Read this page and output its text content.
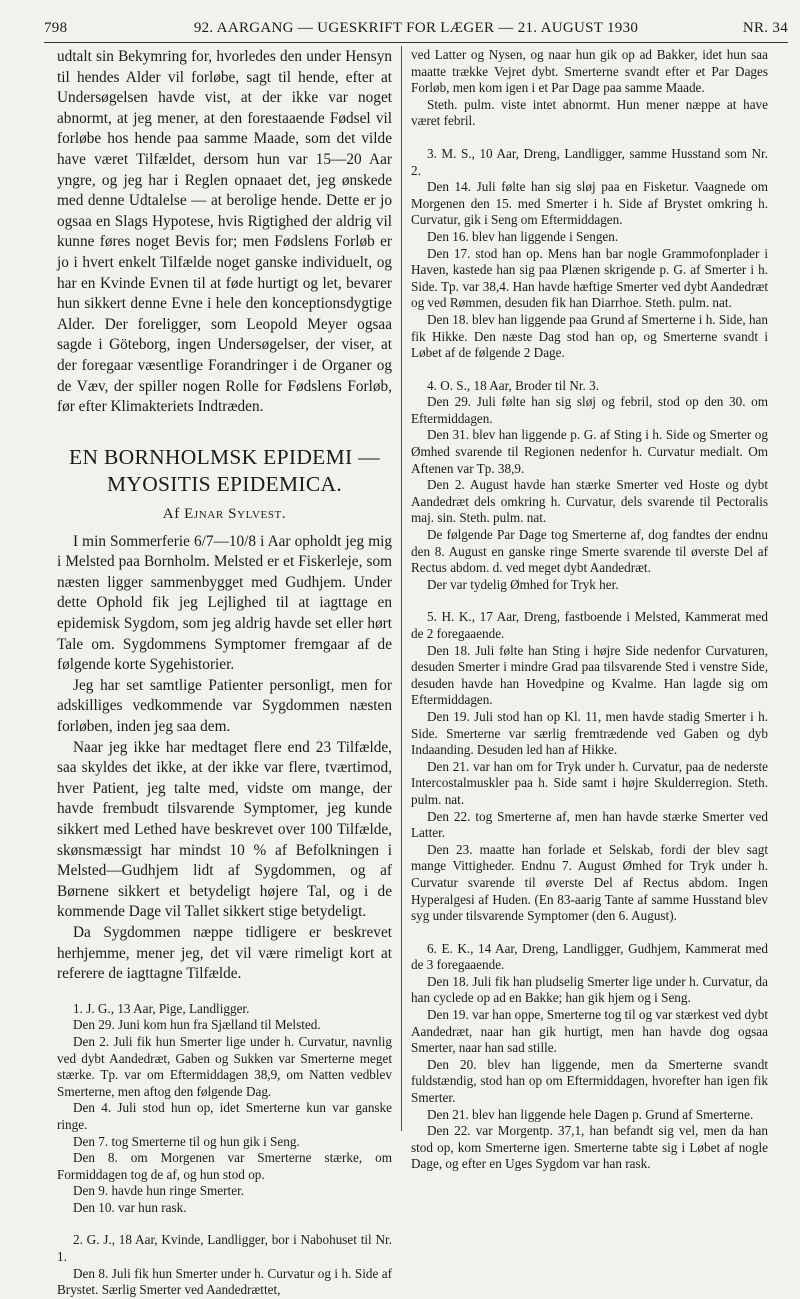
798	92. AARGANG — UGESKRIFT FOR LÆGER — 21. AUGUST 1930	NR. 34

udtalt sin Bekymring for, hvorledes den under Hensyn til hendes Alder vil forløbe, sagt til hende, efter at Undersøgelsen havde vist, at der ikke var noget abnormt, at jeg mener, at den forestaaende Fødsel vil forløbe hos hende paa samme Maade, som det vilde have været Tilfældet, dersom hun var 15—20 Aar yngre, og jeg har i Reglen opnaaet det, jeg ønskede med denne Udtalelse — at berolige hende. Dette er jo ogsaa en Slags Hypotese, hvis Rigtighed der aldrig vil kunne føres noget Bevis for; men Fødslens Forløb er jo i hvert enkelt Tilfælde noget ganske individuelt, og har en Kvinde Evnen til at føde hurtigt og let, bevarer hun sikkert denne Evne i hele den konceptionsdygtige Alder. Der foreligger, som Leopold Meyer ogsaa sagde i Göteborg, ingen Undersøgelser, der viser, at der foregaar væsentlige Forandringer i de Organer og de Væv, der spiller nogen Rolle for Fødslens Forløb, før efter Klimakteriets Indtræden.

EN BORNHOLMSK EPIDEMI —
MYOSITIS EPIDEMICA.
Af Ejnar Sylvest.

I min Sommerferie 6/7—10/8 i Aar opholdt jeg mig i Melsted paa Bornholm. Melsted er et Fiskerleje, som næsten ligger sammenbygget med Gudhjem. Under dette Ophold fik jeg Lejlighed til at iagttage en epidemisk Sygdom, som jeg aldrig havde set eller hørt Tale om. Sygdommens Symptomer fremgaar af de følgende korte Sygehistorier.

Jeg har set samtlige Patienter personligt, men for adskilliges vedkommende var Sygdommen næsten forløben, inden jeg saa dem.

Naar jeg ikke har medtaget flere end 23 Tilfælde, saa skyldes det ikke, at der ikke var flere, tværtimod, hver Patient, jeg talte med, vidste om mange, der havde frembudt tilsvarende Symptomer, jeg kunde sikkert med Lethed have beskrevet over 100 Tilfælde, skønsmæssigt har mindst 10 % af Befolkningen i Melsted—Gudhjem lidt af Sygdommen, og af Børnene sikkert et betydeligt højere Tal, og i de kommende Dage vil Tallet sikkert stige betydeligt.

Da Sygdommen næppe tidligere er beskrevet herhjemme, mener jeg, det vil være rimeligt kort at referere de iagttagne Tilfælde.

1. J. G., 13 Aar, Pige, Landligger.

Den 29. Juni kom hun fra Sjælland til Melsted.

Den 2. Juli fik hun Smerter lige under h. Curvatur, navnlig ved dybt Aandedræt, Gaben og Sukken var Smerterne meget stærke. Tp. var om Eftermiddagen 38,9, om Natten vedblev Smerterne, men aftog den følgende Dag.

Den 4. Juli stod hun op, idet Smerterne kun var ganske ringe.

Den 7. tog Smerterne til og hun gik i Seng.

Den 8. om Morgenen var Smerterne stærke, om Formiddagen tog de af, og hun stod op.

Den 9. havde hun ringe Smerter.

Den 10. var hun rask.

2. G. J., 18 Aar, Kvinde, Landligger, bor i Nabohuset til Nr. 1.

Den 8. Juli fik hun Smerter under h. Curvatur og i h. Side af Brystet. Særlig Smerter ved Aandedrættet,

ved Latter og Nysen, og naar hun gik op ad Bakker, idet hun saa maatte trække Vejret dybt. Smerterne svandt efter et Par Dages Forløb, men kom igen i et Par Dage paa samme Maade.

Steth. pulm. viste intet abnormt. Hun mener næppe at have været febril.

3. M. S., 10 Aar, Dreng, Landligger, samme Husstand som Nr. 2.

Den 14. Juli følte han sig sløj paa en Fisketur. Vaagnede om Morgenen den 15. med Smerter i h. Side af Brystet omkring h. Curvatur, gik i Seng om Eftermiddagen.

Den 16. blev han liggende i Sengen.

Den 17. stod han op. Mens han bar nogle Grammofonplader i Haven, kastede han sig paa Plænen skrigende p. G. af Smerter i h. Side. Tp. var 38,4. Han havde hæftige Smerter ved dybt Aandedræt og ved Rømmen, desuden fik han Diarrhoe. Steth. pulm. nat.

Den 18. blev han liggende paa Grund af Smerterne i h. Side, han fik Hikke. Den næste Dag stod han op, og Smerterne svandt i Løbet af de følgende 2 Dage.

4. O. S., 18 Aar, Broder til Nr. 3.

Den 29. Juli følte han sig sløj og febril, stod op den 30. om Eftermiddagen.

Den 31. blev han liggende p. G. af Sting i h. Side og Smerter og Ømhed svarende til Regionen nedenfor h. Curvatur medialt. Om Aftenen var Tp. 38,9.

Den 2. August havde han stærke Smerter ved Hoste og dybt Aandedræt dels omkring h. Curvatur, dels svarende til Pectoralis maj. sin. Steth. pulm. nat.

De følgende Par Dage tog Smerterne af, dog fandtes der endnu den 8. August en ganske ringe Smerte svarende til øverste Del af Rectus abdom. d. ved meget dybt Aandedræt.

Der var tydelig Ømhed for Tryk her.

5. H. K., 17 Aar, Dreng, fastboende i Melsted, Kammerat med de 2 foregaaende.

Den 18. Juli følte han Sting i højre Side nedenfor Curvaturen, desuden Smerter i mindre Grad paa tilsvarende Sted i venstre Side, desuden havde han Hovedpine og Kvalme. Han lagde sig om Eftermiddagen.

Den 19. Juli stod han op Kl. 11, men havde stadig Smerter i h. Side. Smerterne var særlig fremtrædende ved Gaben og dyb Indaanding. Desuden led han af Hikke.

Den 21. var han om for Tryk under h. Curvatur, paa de nederste Intercostalmuskler paa h. Side samt i højre Skulderregion. Steth. pulm. nat.

Den 22. tog Smerterne af, men han havde stærke Smerter ved Latter.

Den 23. maatte han forlade et Selskab, fordi der blev sagt mange Vittigheder. Endnu 7. August Ømhed for Tryk under h. Curvatur svarende til øverste Del af Rectus abdom. Ingen Hyperalgesi af Huden. (En 83-aarig Tante af samme Husstand blev syg under tilsvarende Symptomer (den 6. August).

6. E. K., 14 Aar, Dreng, Landligger, Gudhjem, Kammerat med de 3 foregaaende.

Den 18. Juli fik han pludselig Smerter lige under h. Curvatur, da han cyclede op ad en Bakke; han gik hjem og i Seng.

Den 19. var han oppe, Smerterne tog til og var stærkest ved dybt Aandedræt, naar han gik hurtigt, men han havde dog ogsaa Smerter, naar han sad stille.

Den 20. blev han liggende, men da Smerterne svandt fuldstændig, stod han op om Eftermiddagen, hvorefter han igen fik Smerter.

Den 21. blev han liggende hele Dagen p. Grund af Smerterne.

Den 22. var Morgentp. 37,1, han befandt sig vel, men da han stod op, kom Smerterne igen. Smerterne tabte sig i Løbet af nogle Dage, og efter en Uges Sygdom var han rask.
